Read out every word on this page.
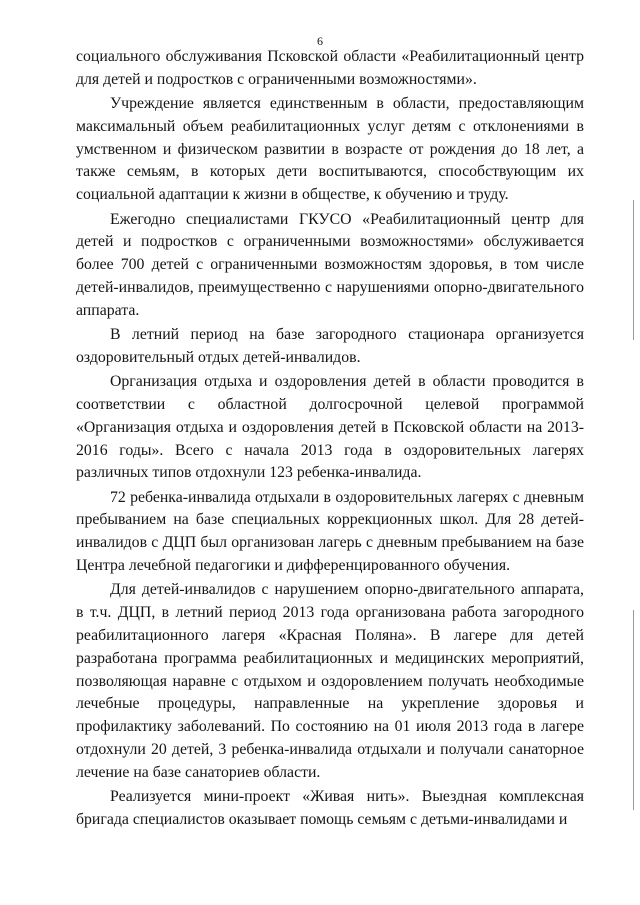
6

социального обслуживания Псковской области «Реабилитационный центр для детей и подростков с ограниченными возможностями».

Учреждение является единственным в области, предоставляющим максимальный объем реабилитационных услуг детям с отклонениями в умственном и физическом развитии в возрасте от рождения до 18 лет, а также семьям, в которых дети воспитываются, способствующим их социальной адаптации к жизни в обществе, к обучению и труду.

Ежегодно специалистами ГКУСО «Реабилитационный центр для детей и подростков с ограниченными возможностями» обслуживается более 700 детей с ограниченными возможностям здоровья, в том числе детей-инвалидов, преимущественно с нарушениями опорно-двигательного аппарата.

В летний период на базе загородного стационара организуется оздоровительный отдых детей-инвалидов.

Организация отдыха и оздоровления детей в области проводится в соответствии с областной долгосрочной целевой программой «Организация отдыха и оздоровления детей в Псковской области на 2013-2016 годы». Всего с начала 2013 года в оздоровительных лагерях различных типов отдохнули 123 ребенка-инвалида.

72 ребенка-инвалида отдыхали в оздоровительных лагерях с дневным пребыванием на базе специальных коррекционных школ. Для 28 детей-инвалидов с ДЦП был организован лагерь с дневным пребыванием на базе Центра лечебной педагогики и дифференцированного обучения.

Для детей-инвалидов с нарушением опорно-двигательного аппарата, в т.ч. ДЦП, в летний период 2013 года организована работа загородного реабилитационного лагеря «Красная Поляна». В лагере для детей разработана программа реабилитационных и медицинских мероприятий, позволяющая наравне с отдыхом и оздоровлением получать необходимые лечебные процедуры, направленные на укрепление здоровья и профилактику заболеваний. По состоянию на 01 июля 2013 года в лагере отдохнули 20 детей, 3 ребенка-инвалида отдыхали и получали санаторное лечение на базе санаториев области.

Реализуется мини-проект «Живая нить». Выездная комплексная бригада специалистов оказывает помощь семьям с детьми-инвалидами и
